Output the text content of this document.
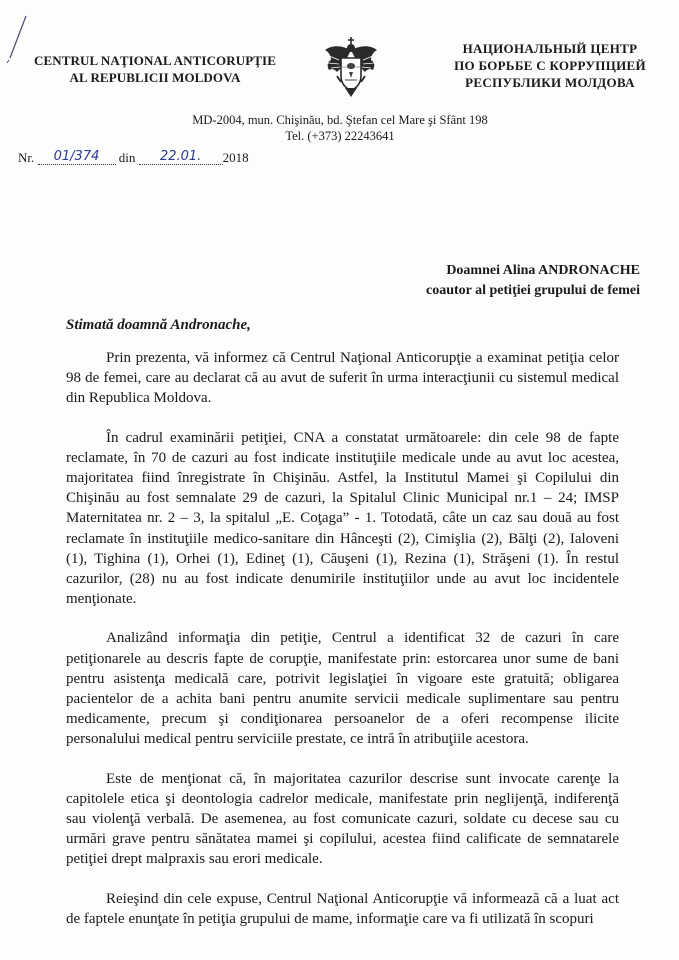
CENTRUL NAŢIONAL ANTICORUPŢIE
AL REPUBLICII MOLDOVA
НАЦИОНАЛЬНЫЙ ЦЕНТР
ПО БОРЬБЕ С КОРРУПЦИЕЙ
РЕСПУБЛИКИ МОЛДОВА
MD-2004, mun. Chişinău, bd. Ştefan cel Mare şi Sfânt 198
Tel. (+373) 22243641
Nr. 01/374 din 22.01. 2018
Doamnei Alina ANDRONACHE
coautor al petiţiei grupului de femei
Stimată doamnă Andronache,

Prin prezenta, vă informez că Centrul Naţional Anticorupţie a examinat petiţia celor 98 de femei, care au declarat că au avut de suferit în urma interacţiunii cu sistemul medical din Republica Moldova.

În cadrul examinării petiţiei, CNA a constatat următoarele: din cele 98 de fapte reclamate, în 70 de cazuri au fost indicate instituţiile medicale unde au avut loc acestea, majoritatea fiind înregistrate în Chişinău. Astfel, la Institutul Mamei şi Copilului din Chişinău au fost semnalate 29 de cazuri, la Spitalul Clinic Municipal nr.1 – 24; IMSP Maternitatea nr. 2 – 3, la spitalul „E. Coţaga” - 1. Totodată, câte un caz sau două au fost reclamate în instituţiile medico-sanitare din Hânceşti (2), Cimişlia (2), Bălţi (2), Ialoveni (1), Tighina (1), Orhei (1), Edineţ (1), Căuşeni (1), Rezina (1), Străşeni (1). În restul cazurilor, (28) nu au fost indicate denumirile instituţiilor unde au avut loc incidentele menţionate.

Analizând informaţia din petiţie, Centrul a identificat 32 de cazuri în care petiţionarele au descris fapte de corupţie, manifestate prin: estorcarea unor sume de bani pentru asistenţa medicală care, potrivit legislaţiei în vigoare este gratuită; obligarea pacientelor de a achita bani pentru anumite servicii medicale suplimentare sau pentru medicamente, precum şi condiţionarea persoanelor de a oferi recompense ilicite personalului medical pentru serviciile prestate, ce intră în atribuţiile acestora.

Este de menţionat că, în majoritatea cazurilor descrise sunt invocate carenţe la capitolele etica şi deontologia cadrelor medicale, manifestate prin neglijenţă, indiferenţă sau violenţă verbală. De asemenea, au fost comunicate cazuri, soldate cu decese sau cu urmări grave pentru sănătatea mamei şi copilului, acestea fiind calificate de semnatarele petiţiei drept malpraxis sau erori medicale.

Reieşind din cele expuse, Centrul Naţional Anticorupţie vă informează că a luat act de faptele enunţate în petiţia grupului de mame, informaţie care va fi utilizată în scopuri
